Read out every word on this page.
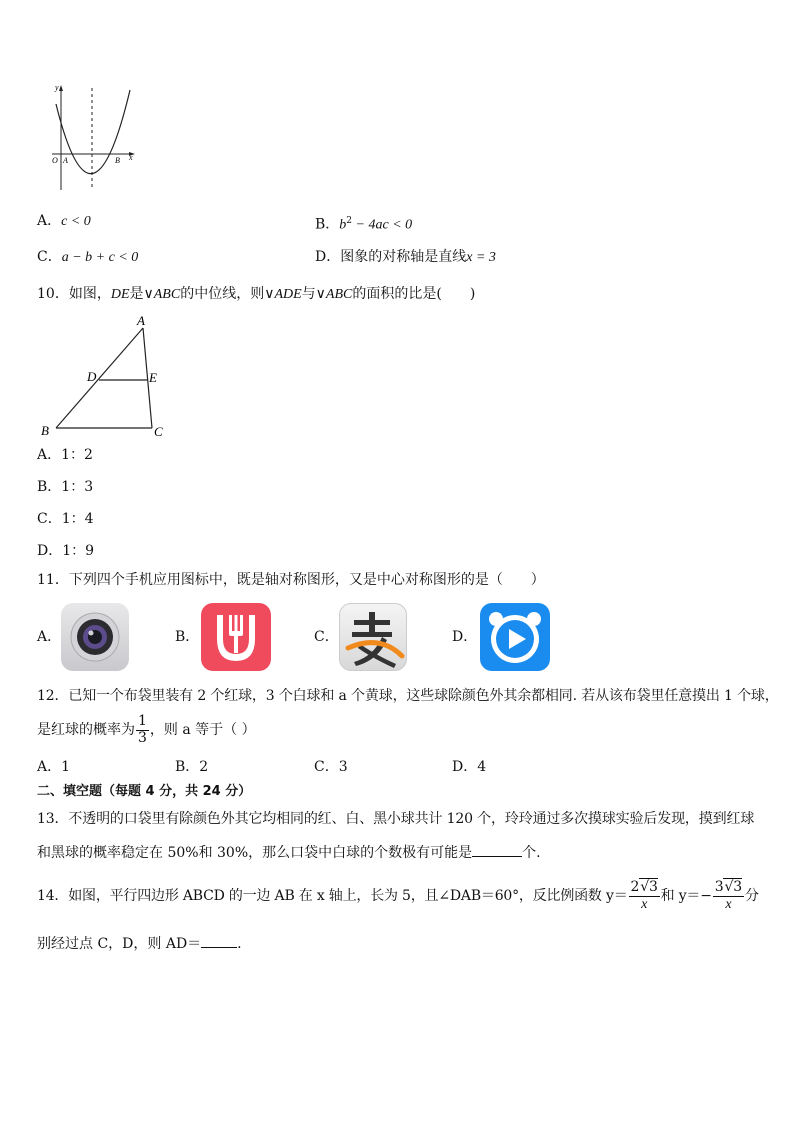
y
x
O A	B
A．c < 0	B．$b^2 - 4ac < 0$
C．a − b + c < 0	D．图象的对称轴是直线x = 3
10．如图，DE是∨ABC的中位线，则∨ADE与∨ABC的面积的比是(　　)
A
D	E
B	C
A．1：2
B．1：3
C．1：4
D．1：9
11．下列四个手机应用图标中，既是轴对称图形，又是中心对称图形的是（　　）
A．	B．	C．	D．
12．已知一个布袋里装有 2 个红球，3 个白球和 a 个黄球，这些球除颜色外其余都相同. 若从该布袋里任意摸出 1 个球，
是红球的概率为 $\frac{1}{3}$ ，则 a 等于（ ）
A．1	B．2	C．3	D．4
二、填空题（每题 4 分，共 24 分）
13．不透明的口袋里有除颜色外其它均相同的红、白、黑小球共计 120 个，玲玲通过多次摸球实验后发现，摸到红球
和黑球的概率稳定在 50%和 30%，那么口袋中白球的个数极有可能是	个.
14．如图，平行四边形 ABCD 的一边 AB 在 x 轴上，长为 5，且∠DAB＝60°，反比例函数 $y= \frac{2√3}{x}$ 和 $y=- \frac{3√3}{x}$ 分
别经过点 C，D，则 AD＝	.
